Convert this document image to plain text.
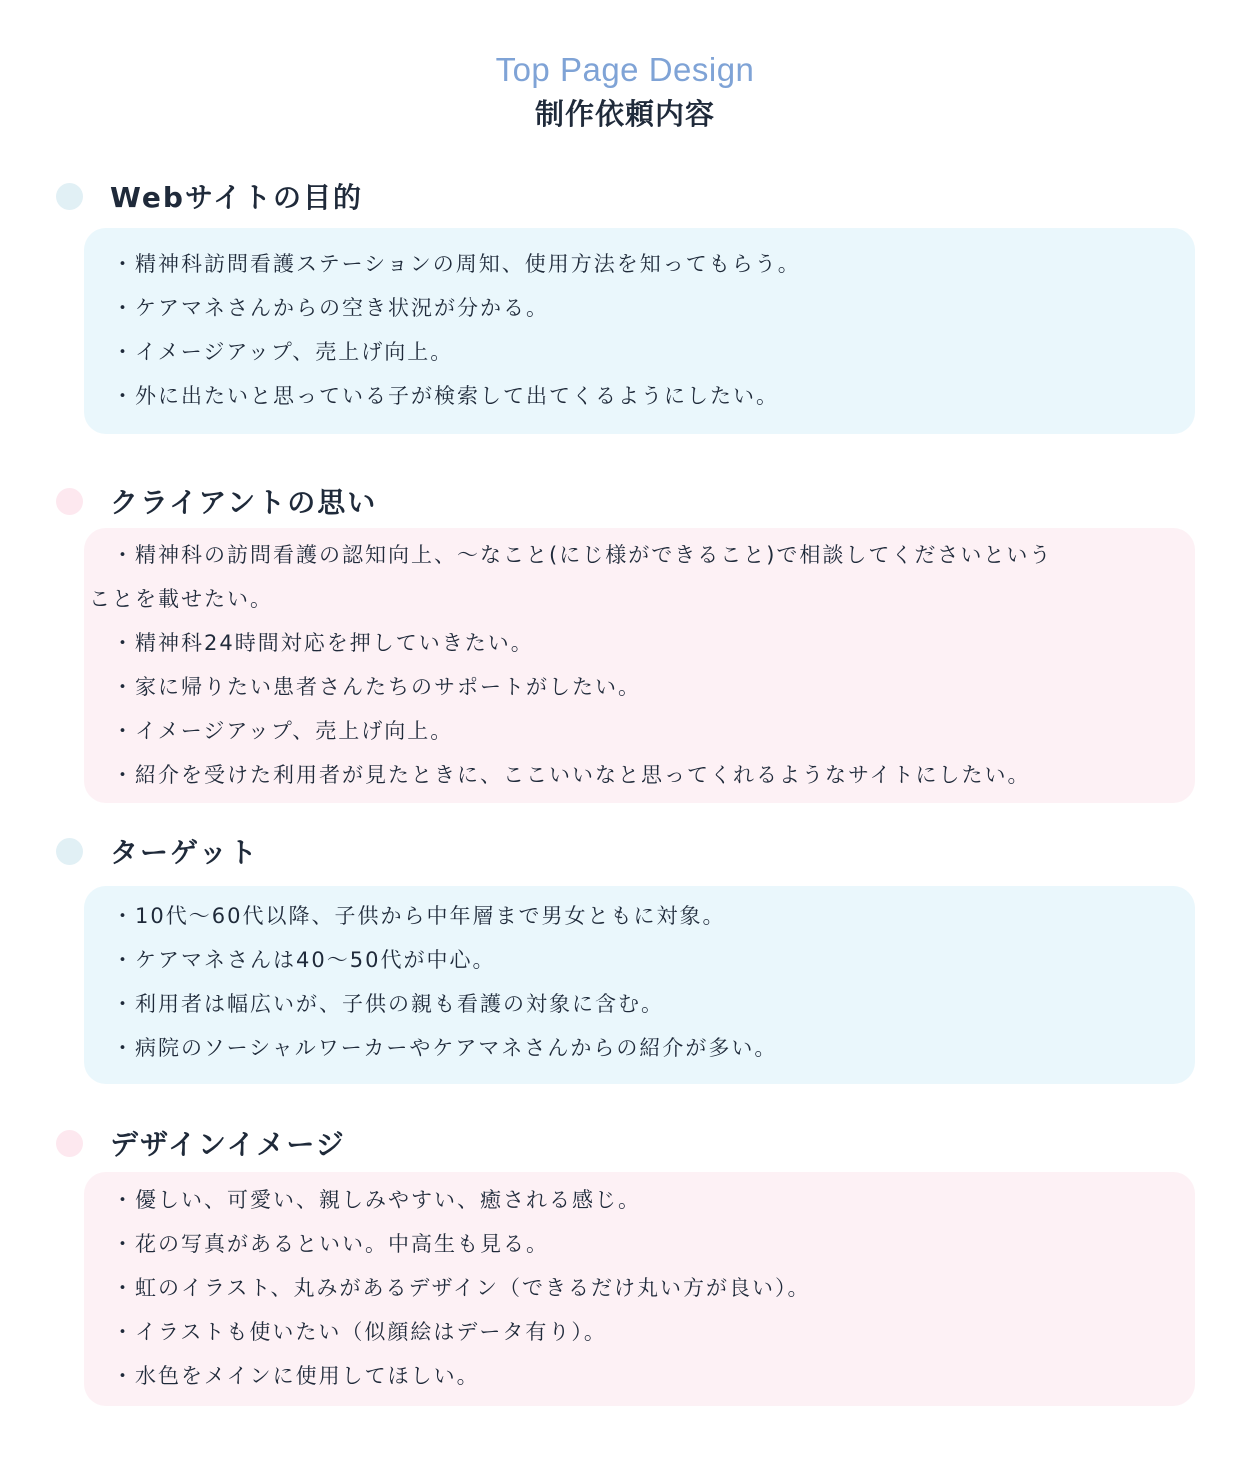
Top Page Design
制作依頼内容
Webサイトの目的
・精神科訪問看護ステーションの周知、使用方法を知ってもらう。
・ケアマネさんからの空き状況が分かる。
・イメージアップ、売上げ向上。
・外に出たいと思っている子が検索して出てくるようにしたい。
クライアントの思い
・精神科の訪問看護の認知向上、〜なこと(にじ様ができること)で相談してくださいという
ことを載せたい。
・精神科24時間対応を押していきたい。
・家に帰りたい患者さんたちのサポートがしたい。
・イメージアップ、売上げ向上。
・紹介を受けた利用者が見たときに、ここいいなと思ってくれるようなサイトにしたい。
ターゲット
・10代〜60代以降、子供から中年層まで男女ともに対象。
・ケアマネさんは40〜50代が中心。
・利用者は幅広いが、子供の親も看護の対象に含む。
・病院のソーシャルワーカーやケアマネさんからの紹介が多い。
デザインイメージ
・優しい、可愛い、親しみやすい、癒される感じ。
・花の写真があるといい。中高生も見る。
・虹のイラスト、丸みがあるデザイン（できるだけ丸い方が良い）。
・イラストも使いたい（似顔絵はデータ有り）。
・水色をメインに使用してほしい。
